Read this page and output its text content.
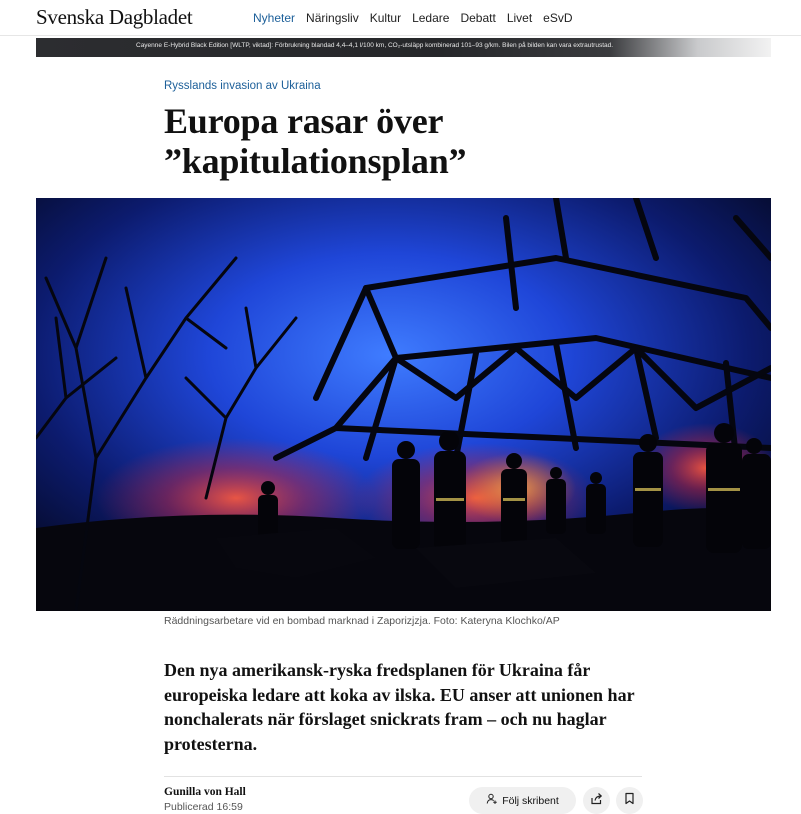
Svenska Dagbladet	Nyheter Näringsliv Kultur Ledare Debatt Livet eSvD
Cayenne E-Hybrid Black Edition [WLTP, viktad]: Förbrukning blandad 4,4–4,1 l/100 km, CO₂-utsläpp kombinerad 101–93 g/km. Bilen på bilden kan vara extrautrustad.
Rysslands invasion av Ukraina
Europa rasar över
”kapitulationsplan”
Räddningsarbetare vid en bombad marknad i Zaporizjzja. Foto: Kateryna Klochko/AP

Den nya amerikansk-ryska fredsplanen för Ukraina får europeiska ledare att koka av ilska. EU anser att unionen har nonchalerats när förslaget snickrats fram – och nu haglar protesterna.

Gunilla von Hall
Publicerad 16:59
Följ skribent
